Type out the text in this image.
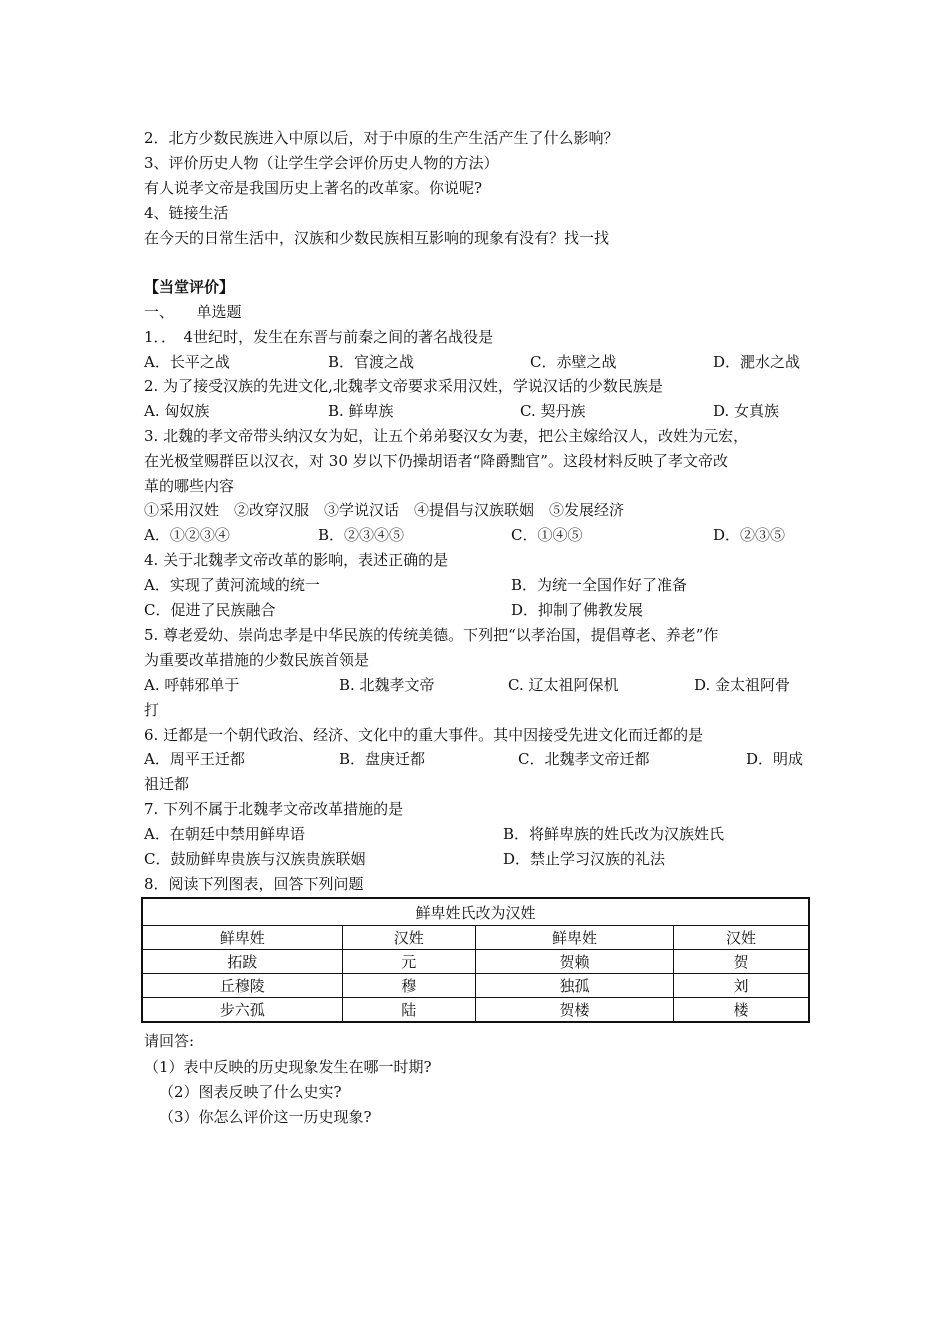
2．北方少数民族进入中原以后，对于中原的生产生活产生了什么影响？
3、评价历史人物（让学生学会评价历史人物的方法）
有人说孝文帝是我国历史上著名的改革家。你说呢?
4、链接生活
在今天的日常生活中，汉族和少数民族相互影响的现象有没有？找一找
【当堂评价】
一、　　单选题
1．．　4世纪时，发生在东晋与前秦之间的著名战役是
A．长平之战	B．官渡之战	C．赤壁之战	D．淝水之战
2. 为了接受汉族的先进文化,北魏孝文帝要求采用汉姓，学说汉话的少数民族是
A. 匈奴族	B. 鲜卑族	C. 契丹族	D. 女真族
3. 北魏的孝文帝带头纳汉女为妃，让五个弟弟娶汉女为妻，把公主嫁给汉人，改姓为元宏，
在光极堂赐群臣以汉衣，对 30 岁以下仍操胡语者“降爵黜官”。这段材料反映了孝文帝改
革的哪些内容
①采用汉姓　②改穿汉服　③学说汉话　④提倡与汉族联姻　⑤发展经济
A．①②③④	B．②③④⑤	C．①④⑤	D．②③⑤
4. 关于北魏孝文帝改革的影响，表述正确的是
A．实现了黄河流域的统一	B．为统一全国作好了准备
C．促进了民族融合	D．抑制了佛教发展
5. 尊老爱幼、崇尚忠孝是中华民族的传统美德。下列把“以孝治国，提倡尊老、养老”作
为重要改革措施的少数民族首领是
A. 呼韩邪单于	B. 北魏孝文帝	C. 辽太祖阿保机	D. 金太祖阿骨
打
6. 迁都是一个朝代政治、经济、文化中的重大事件。其中因接受先进文化而迁都的是
A．周平王迁都	B．盘庚迁都	C．北魏孝文帝迁都	D．明成
祖迁都
7. 下列不属于北魏孝文帝改革措施的是
A．在朝廷中禁用鲜卑语	B．将鲜卑族的姓氏改为汉族姓氏
C．鼓励鲜卑贵族与汉族贵族联姻	D．禁止学习汉族的礼法
8．阅读下列图表，回答下列问题
鲜卑姓氏改为汉姓			
鲜卑姓	汉姓	鲜卑姓	汉姓
拓跋	元	贺赖	贺
丘穆陵	穆	独孤	刘
步六孤	陆	贺楼	楼
请回答:
（1）表中反映的历史现象发生在哪一时期?
（2）图表反映了什么史实?
（3）你怎么评价这一历史现象?
